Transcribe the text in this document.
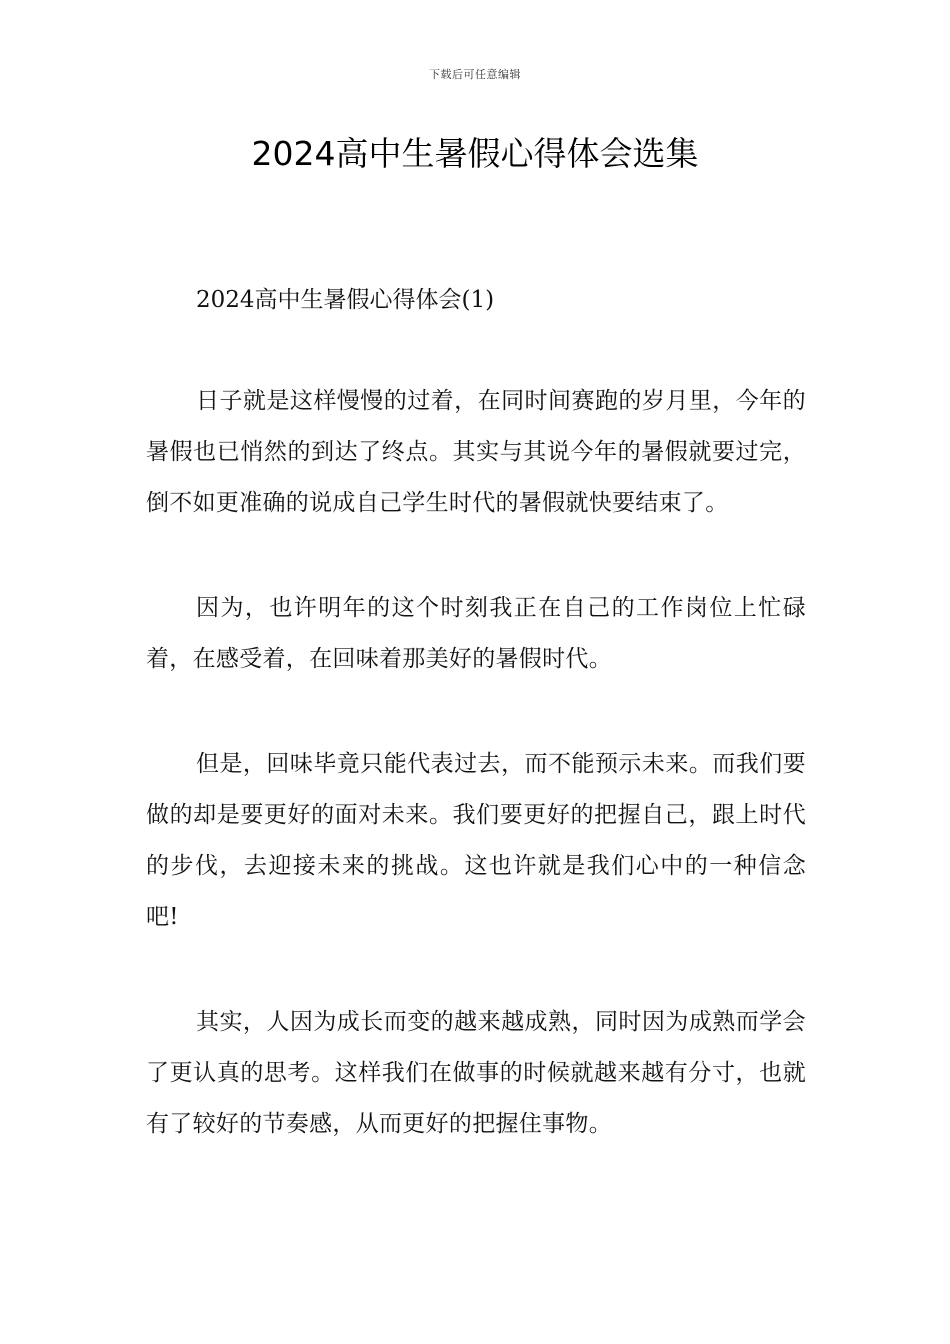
下载后可任意编辑
2024高中生暑假心得体会选集

2024高中生暑假心得体会(1)

日子就是这样慢慢的过着，在同时间赛跑的岁月里，今年的暑假也已悄然的到达了终点。其实与其说今年的暑假就要过完，倒不如更准确的说成自己学生时代的暑假就快要结束了。

因为，也许明年的这个时刻我正在自己的工作岗位上忙碌着，在感受着，在回味着那美好的暑假时代。

但是，回味毕竟只能代表过去，而不能预示未来。而我们要做的却是要更好的面对未来。我们要更好的把握自己，跟上时代的步伐，去迎接未来的挑战。这也许就是我们心中的一种信念吧!

其实，人因为成长而变的越来越成熟，同时因为成熟而学会了更认真的思考。这样我们在做事的时候就越来越有分寸，也就有了较好的节奏感，从而更好的把握住事物。
